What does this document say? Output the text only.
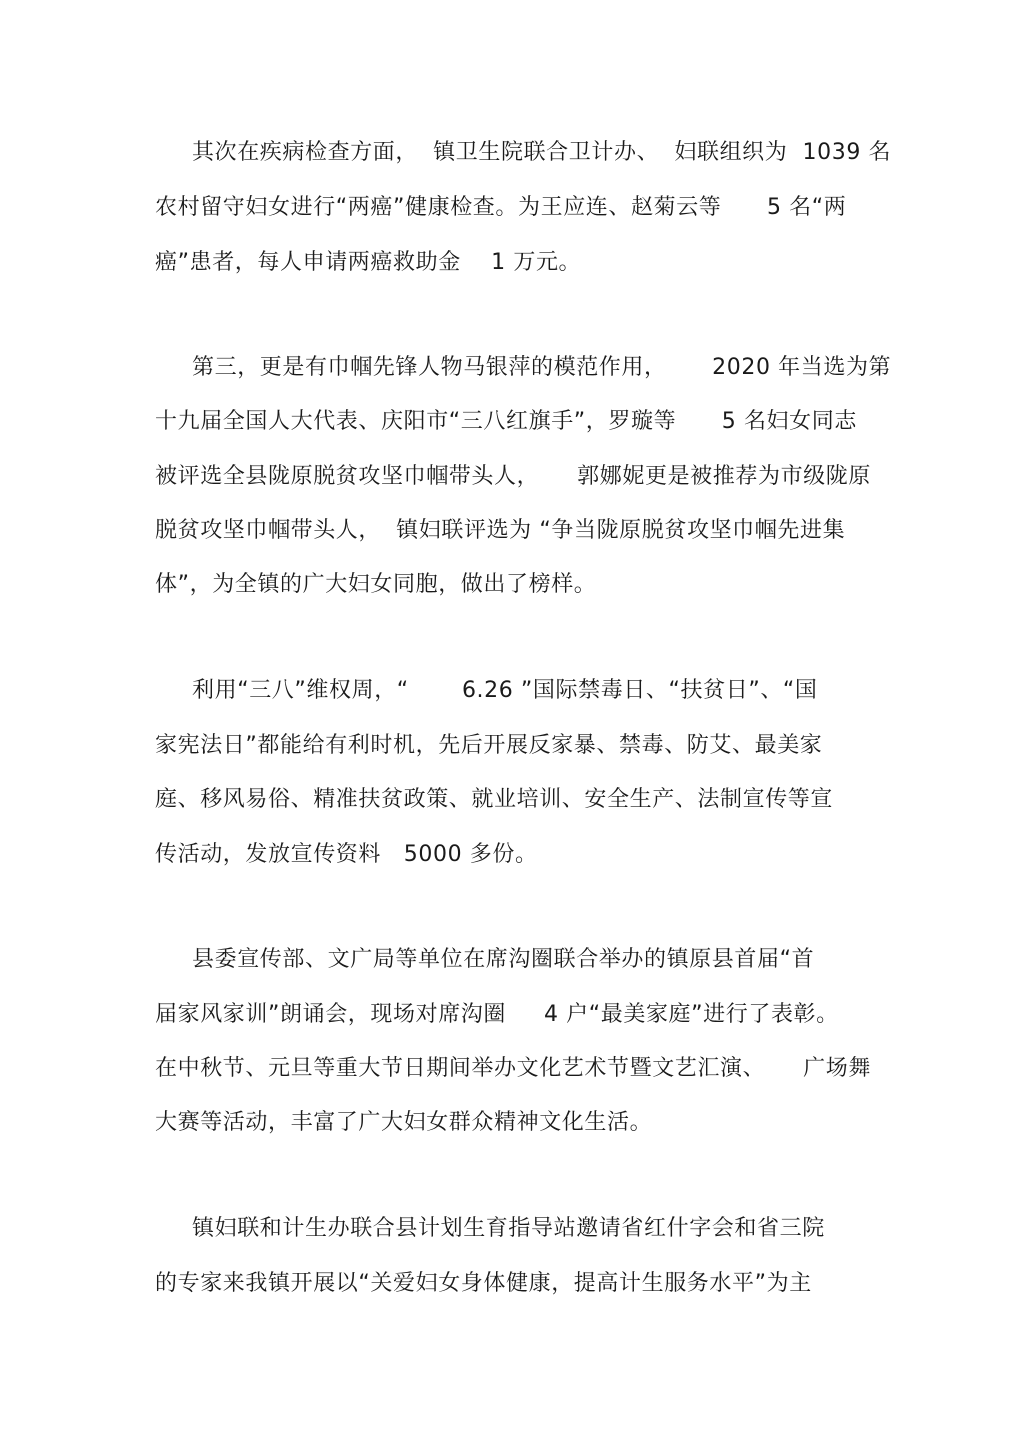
其次在疾病检查方面，  镇卫生院联合卫计办、  妇联组织为  1039 名
农村留守妇女进行“两癌”健康检查。为王应连、赵菊云等      5 名“两
癌”患者，每人申请两癌救助金    1 万元。
第三，更是有巾帼先锋人物马银萍的模范作用，      2020 年当选为第
十九届全国人大代表、庆阳市“三八红旗手”，罗璇等      5 名妇女同志
被评选全县陇原脱贫攻坚巾帼带头人，     郭娜妮更是被推荐为市级陇原
脱贫攻坚巾帼带头人，  镇妇联评选为 “争当陇原脱贫攻坚巾帼先进集
体”，为全镇的广大妇女同胞，做出了榜样。
利用“三八”维权周，“       6.26 ”国际禁毒日、“扶贫日”、“国
家宪法日”都能给有利时机，先后开展反家暴、禁毒、防艾、最美家
庭、移风易俗、精准扶贫政策、就业培训、安全生产、法制宣传等宣
传活动，发放宣传资料   5000 多份。
县委宣传部、文广局等单位在席沟圈联合举办的镇原县首届“首
届家风家训”朗诵会，现场对席沟圈     4 户“最美家庭”进行了表彰。
在中秋节、元旦等重大节日期间举办文化艺术节暨文艺汇演、     广场舞
大赛等活动，丰富了广大妇女群众精神文化生活。
镇妇联和计生办联合县计划生育指导站邀请省红什字会和省三院
的专家来我镇开展以“关爱妇女身体健康，提高计生服务水平”为主
